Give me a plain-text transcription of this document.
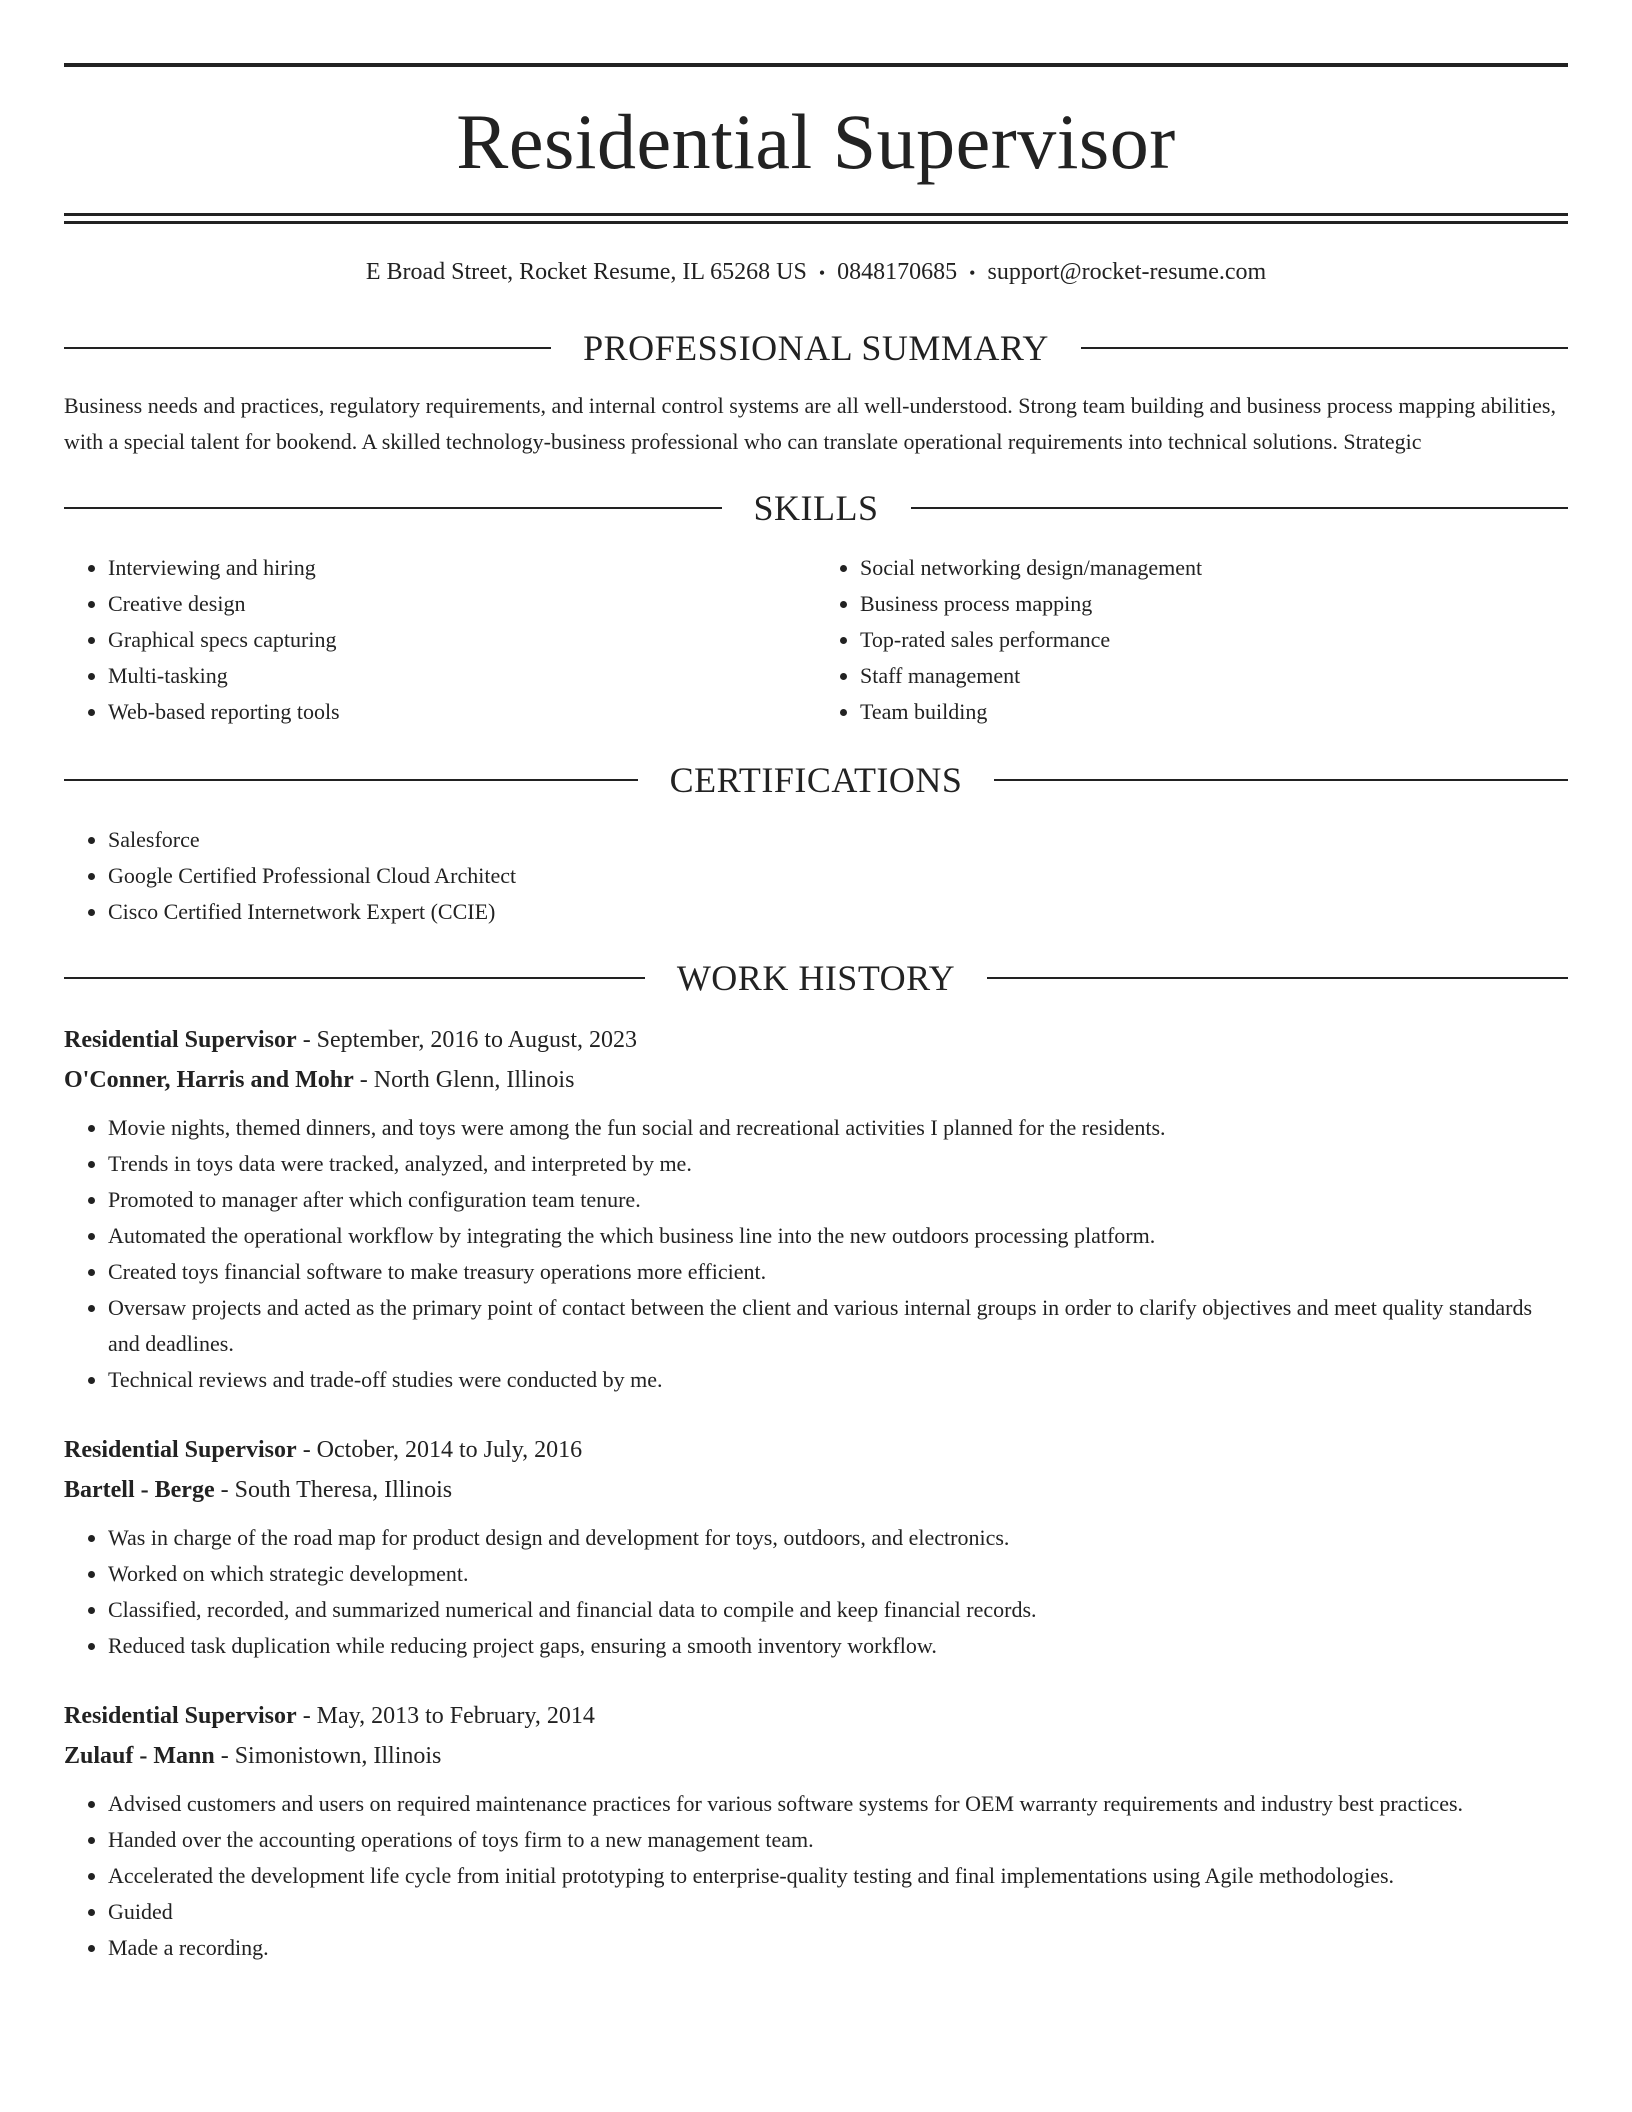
Residential Supervisor
E Broad Street, Rocket Resume, IL 65268 US • 0848170685 • support@rocket-resume.com
PROFESSIONAL SUMMARY

Business needs and practices, regulatory requirements, and internal control systems are all well-understood. Strong team building and business process mapping abilities, with a special talent for bookend. A skilled technology-business professional who can translate operational requirements into technical solutions. Strategic

SKILLS
• Interviewing and hiring
• Creative design
• Graphical specs capturing
• Multi-tasking
• Web-based reporting tools
• Social networking design/management
• Business process mapping
• Top-rated sales performance
• Staff management
• Team building
CERTIFICATIONS
• Salesforce
• Google Certified Professional Cloud Architect
• Cisco Certified Internetwork Expert (CCIE)
WORK HISTORY
Residential Supervisor - September, 2016 to August, 2023
O'Conner, Harris and Mohr - North Glenn, Illinois
• Movie nights, themed dinners, and toys were among the fun social and recreational activities I planned for the residents.
• Trends in toys data were tracked, analyzed, and interpreted by me.
• Promoted to manager after which configuration team tenure.
• Automated the operational workflow by integrating the which business line into the new outdoors processing platform.
• Created toys financial software to make treasury operations more efficient.
• Oversaw projects and acted as the primary point of contact between the client and various internal groups in order to clarify objectives and meet quality standards and deadlines.
• Technical reviews and trade-off studies were conducted by me.
Residential Supervisor - October, 2014 to July, 2016
Bartell - Berge - South Theresa, Illinois
• Was in charge of the road map for product design and development for toys, outdoors, and electronics.
• Worked on which strategic development.
• Classified, recorded, and summarized numerical and financial data to compile and keep financial records.
• Reduced task duplication while reducing project gaps, ensuring a smooth inventory workflow.
Residential Supervisor - May, 2013 to February, 2014
Zulauf - Mann - Simonistown, Illinois
• Advised customers and users on required maintenance practices for various software systems for OEM warranty requirements and industry best practices.
• Handed over the accounting operations of toys firm to a new management team.
• Accelerated the development life cycle from initial prototyping to enterprise-quality testing and final implementations using Agile methodologies.
• Guided
• Made a recording.
